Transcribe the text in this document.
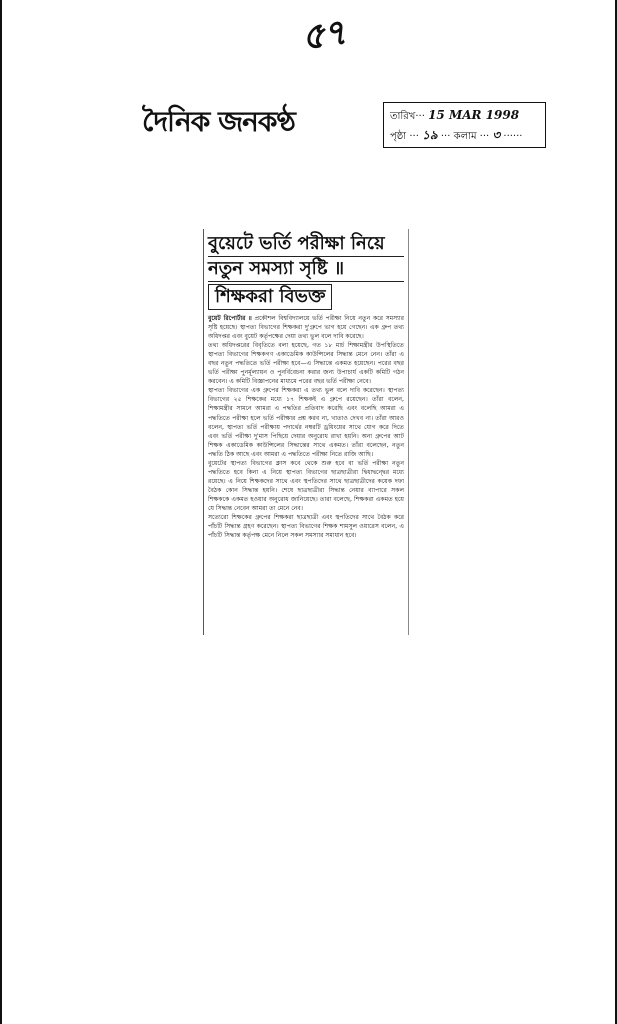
৫৭
দৈনিক জনকণ্ঠ	তারিখ··· 15 MAR 1998
পৃষ্ঠা ··· ১৯ ··· কলাম ··· ৩ ······
বুয়েটে ভর্তি পরীক্ষা নিয়ে
নতুন সমস্যা সৃষ্টি ॥
শিক্ষকরা বিভক্ত

বুয়েট রিপোর্টার ॥ প্রকৌশল বিশ্ববিদ্যালয়ে ভর্তি পরীক্ষা নিয়ে নতুন করে সমস্যার সৃষ্টি হয়েছে। স্থাপত্য বিভাগের শিক্ষকরা দু'গ্রুপে ভাগ হয়ে গেছেন। এক গ্রুপ তথ্য অধিদপ্তর এবং বুয়েট কর্তৃপক্ষের দেয়া তথ্য ভুল বলে দাবি করেছে।

তথ্য অধিদপ্তরের বিবৃতিতে বলা হয়েছে, গত ১৮ মার্চ শিক্ষামন্ত্রীর উপস্থিতিতে স্থাপত্য বিভাগের শিক্ষকগণ একাডেমিক কাউন্সিলের সিদ্ধান্ত মেনে নেন। তাঁরা এ বছর নতুন পদ্ধতিতে ভর্তি পরীক্ষা হবে—এ সিদ্ধান্তে একমত হয়েছেন। পরের বছর ভর্তি পরীক্ষা পুনর্মূল্যায়ন ও পুনর্বিবেচনা করার জন্য উপাচার্য একটি কমিটি গঠন করবেন। এ কমিটি বিজ্ঞাপনের মাধ্যমে পরের বছর ভর্তি পরীক্ষা নেবে।

স্থাপত্য বিভাগের এক গ্রুপের শিক্ষকরা এ তথ্য ভুল বলে দাবি করেছেন। স্থাপত্য বিভাগের ২৫ শিক্ষকের মধ্যে ১৭ শিক্ষকই এ গ্রুপে রয়েছেন। তাঁরা বলেন, শিক্ষামন্ত্রীর সামনে আমরা এ পদ্ধতির প্রতিবাদ করেছি এবং বলেছি আমরা এ পদ্ধতিতে পরীক্ষা হলে ভর্তি পরীক্ষার প্রশ্ন করব না, খাতাও দেখব না। তাঁরা আরও বলেন, স্থাপত্য ভর্তি পরীক্ষায় পদার্থের নম্বরটি ড্রয়িংয়ের সাথে যোগ করে দিতে এবং ভর্তি পরীক্ষা দু'মাস পিছিয়ে দেয়ার অনুরোধ রাখা হয়নি। অন্য গ্রুপের আট শিক্ষক একাডেমিক কাউন্সিলের সিদ্ধান্তের সাথে একমত। তাঁরা বলেছেন, নতুন পদ্ধতি ঠিক আছে এবং আমরা এ পদ্ধতিতে পরীক্ষা নিতে রাজি আছি।

বুয়েটের স্থাপত্য বিভাগের ক্লাস কবে থেকে শুরু হবে বা ভর্তি পরীক্ষা নতুন পদ্ধতিতে হবে কিনা এ নিয়ে স্থাপত্য বিভাগের ছাত্রছাত্রীরা দ্বিধাদ্বন্দ্বের মধ্যে রয়েছে। এ নিয়ে শিক্ষকদের সাথে এবং স্থপতিদের সাথে ছাত্রছাত্রীদের কয়েক দফা বৈঠক কোন সিদ্ধান্ত হয়নি। শেষে ছাত্রছাত্রীরা সিদ্ধান্ত নেয়ার ব্যাপারে সকল শিক্ষককে একমত হওয়ার অনুরোধ জানিয়েছে। তারা বলেছে, শিক্ষকরা একমত হয়ে যে সিদ্ধান্ত নেবেন আমরা তা মেনে নেব।

সত্যেরো শিক্ষকের গ্রুপের শিক্ষকরা ছাত্রছাত্রী এবং স্থপতিদের সাথে বৈঠক করে পাঁচটি সিদ্ধান্ত গ্রহণ করেছেন। স্থাপত্য বিভাগের শিক্ষক শামসুল ওয়ারেস বলেন, এ পাঁচটি সিদ্ধান্ত কর্তৃপক্ষ মেনে নিলে সকল সমস্যার সমাধান হবে।
